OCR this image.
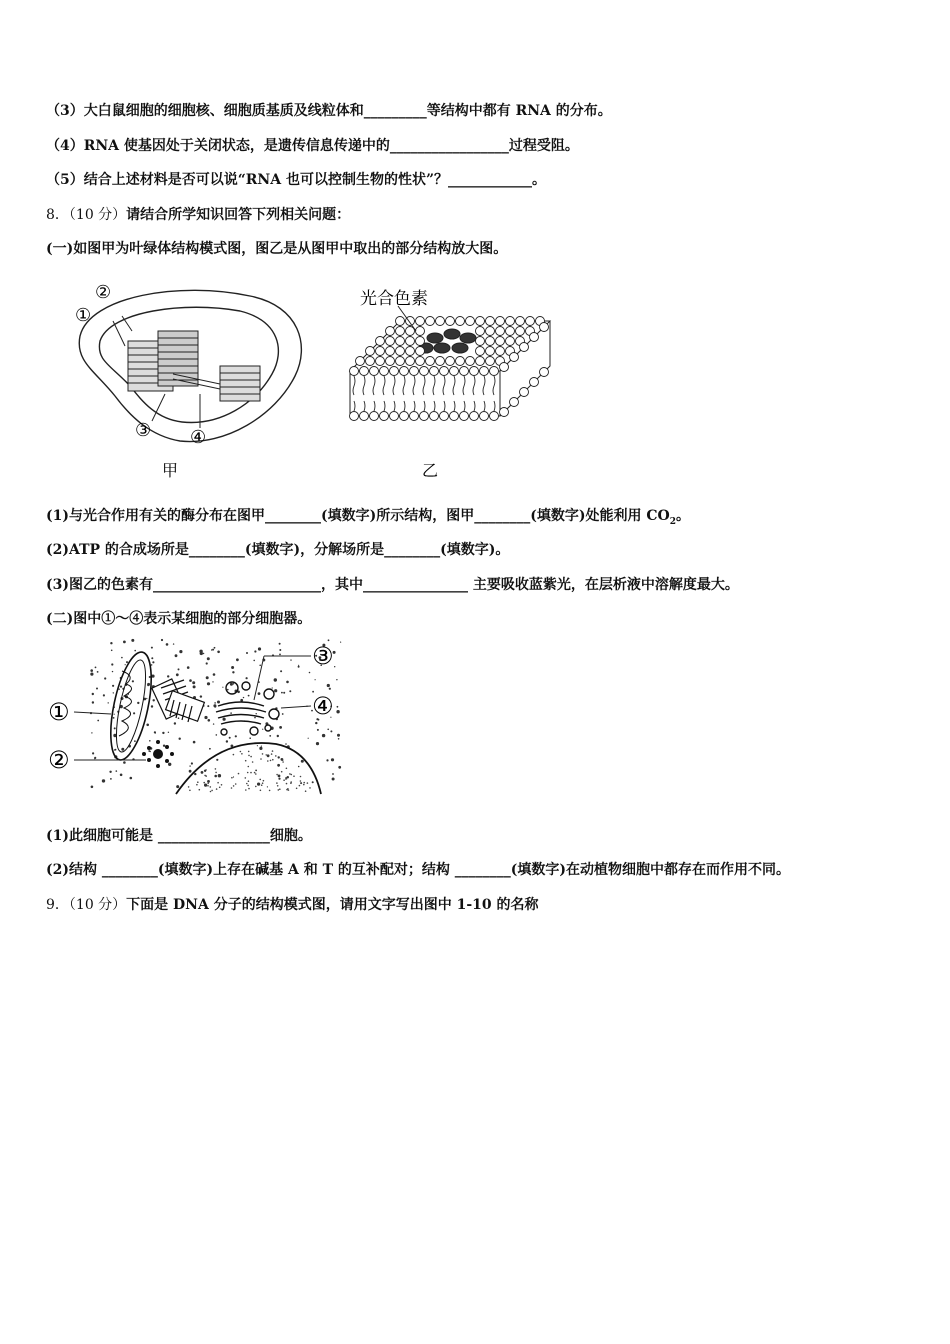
（3）大白鼠细胞的细胞核、细胞质基质及线粒体和_________等结构中都有 RNA 的分布。
（4）RNA 使基因处于关闭状态，是遗传信息传递中的_________________过程受阻。
（5）结合上述材料是否可以说“RNA 也可以控制生物的性状”？____________。
8．（10 分）请结合所学知识回答下列相关问题：
(一)如图甲为叶绿体结构模式图，图乙是从图甲中取出的部分结构放大图。
②
①
③ ④
甲
光合色素
乙
(1)与光合作用有关的酶分布在图甲________(填数字)所示结构，图甲________(填数字)处能利用 $CO_2$。
(2)ATP 的合成场所是________(填数字)，分解场所是________(填数字)。
(3)图乙的色素有________________________，其中_______________ 主要吸收蓝紫光，在层析液中溶解度最大。
(二)图中①～④表示某细胞的部分细胞器。
①
②
③
④
(1)此细胞可能是 ________________细胞。
(2)结构 ________(填数字)上存在碱基 A 和 T 的互补配对；结构 ________(填数字)在动植物细胞中都存在而作用不同。
9．（10 分）下面是 DNA 分子的结构模式图，请用文字写出图中 1-10 的名称
